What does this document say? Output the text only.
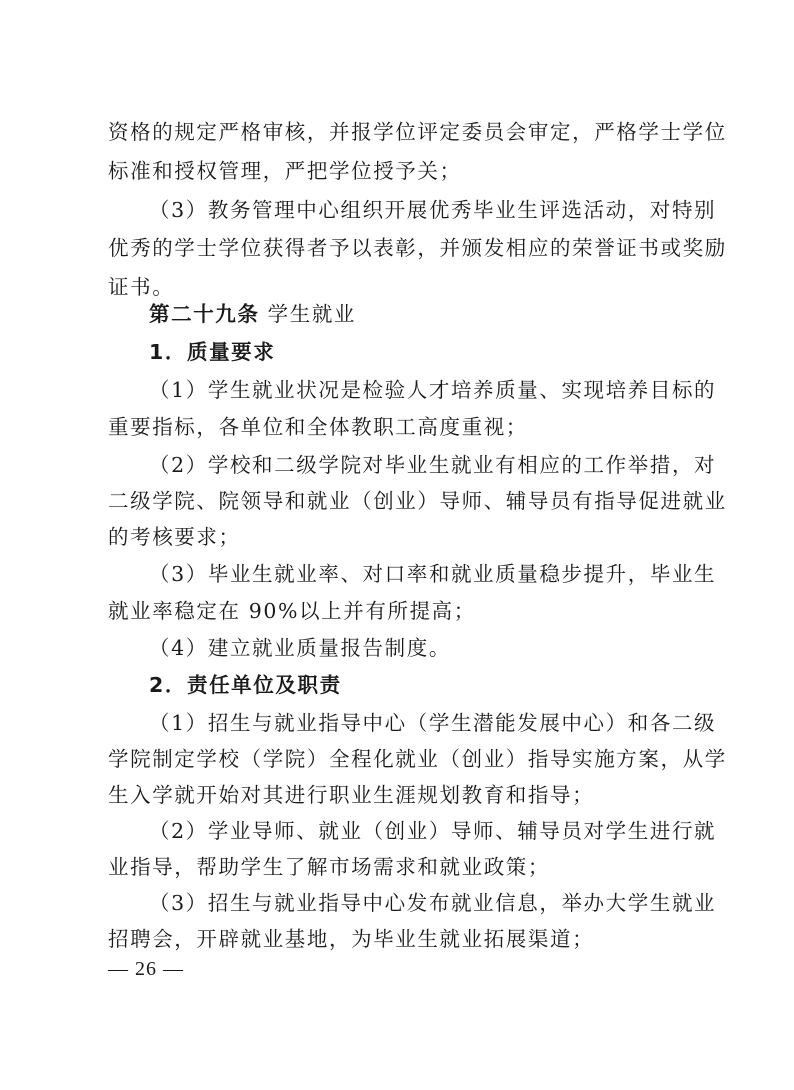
资格的规定严格审核，并报学位评定委员会审定，严格学士学位
标准和授权管理，严把学位授予关；
（3）教务管理中心组织开展优秀毕业生评选活动，对特别
优秀的学士学位获得者予以表彰，并颁发相应的荣誉证书或奖励
证书。
第二十九条 学生就业
1．质量要求
（1）学生就业状况是检验人才培养质量、实现培养目标的
重要指标，各单位和全体教职工高度重视；
（2）学校和二级学院对毕业生就业有相应的工作举措，对
二级学院、院领导和就业（创业）导师、辅导员有指导促进就业
的考核要求；
（3）毕业生就业率、对口率和就业质量稳步提升，毕业生
就业率稳定在 90%以上并有所提高；
（4）建立就业质量报告制度。
2．责任单位及职责
（1）招生与就业指导中心（学生潜能发展中心）和各二级
学院制定学校（学院）全程化就业（创业）指导实施方案，从学
生入学就开始对其进行职业生涯规划教育和指导；
（2）学业导师、就业（创业）导师、辅导员对学生进行就
业指导，帮助学生了解市场需求和就业政策；
（3）招生与就业指导中心发布就业信息，举办大学生就业
招聘会，开辟就业基地，为毕业生就业拓展渠道；
— 26 —
